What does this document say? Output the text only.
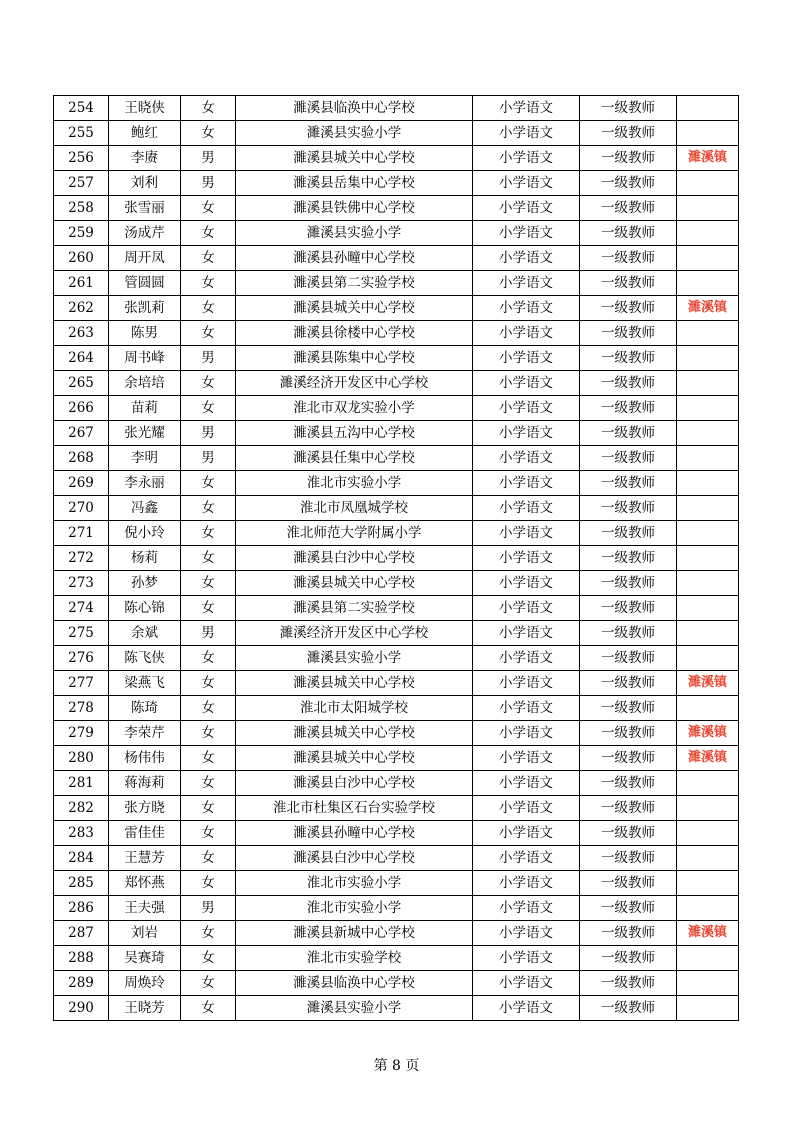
254	王晓侠	女	濉溪县临涣中心学校	小学语文	一级教师	
255	鲍红	女	濉溪县实验小学	小学语文	一级教师	
256	李赓	男	濉溪县城关中心学校	小学语文	一级教师	濉溪镇
257	刘利	男	濉溪县岳集中心学校	小学语文	一级教师	
258	张雪丽	女	濉溪县铁佛中心学校	小学语文	一级教师	
259	汤成芹	女	濉溪县实验小学	小学语文	一级教师	
260	周开凤	女	濉溪县孙疃中心学校	小学语文	一级教师	
261	管圆圆	女	濉溪县第二实验学校	小学语文	一级教师	
262	张凯莉	女	濉溪县城关中心学校	小学语文	一级教师	濉溪镇
263	陈男	女	濉溪县徐楼中心学校	小学语文	一级教师	
264	周书峰	男	濉溪县陈集中心学校	小学语文	一级教师	
265	余培培	女	濉溪经济开发区中心学校	小学语文	一级教师	
266	苗莉	女	淮北市双龙实验小学	小学语文	一级教师	
267	张光耀	男	濉溪县五沟中心学校	小学语文	一级教师	
268	李明	男	濉溪县任集中心学校	小学语文	一级教师	
269	李永丽	女	淮北市实验小学	小学语文	一级教师	
270	冯鑫	女	淮北市凤凰城学校	小学语文	一级教师	
271	倪小玲	女	淮北师范大学附属小学	小学语文	一级教师	
272	杨莉	女	濉溪县白沙中心学校	小学语文	一级教师	
273	孙梦	女	濉溪县城关中心学校	小学语文	一级教师	
274	陈心锦	女	濉溪县第二实验学校	小学语文	一级教师	
275	余斌	男	濉溪经济开发区中心学校	小学语文	一级教师	
276	陈飞侠	女	濉溪县实验小学	小学语文	一级教师	
277	梁燕飞	女	濉溪县城关中心学校	小学语文	一级教师	濉溪镇
278	陈琦	女	淮北市太阳城学校	小学语文	一级教师	
279	李荣芹	女	濉溪县城关中心学校	小学语文	一级教师	濉溪镇
280	杨伟伟	女	濉溪县城关中心学校	小学语文	一级教师	濉溪镇
281	蒋海莉	女	濉溪县白沙中心学校	小学语文	一级教师	
282	张方晓	女	淮北市杜集区石台实验学校	小学语文	一级教师	
283	雷佳佳	女	濉溪县孙疃中心学校	小学语文	一级教师	
284	王慧芳	女	濉溪县白沙中心学校	小学语文	一级教师	
285	郑怀燕	女	淮北市实验小学	小学语文	一级教师	
286	王夫强	男	淮北市实验小学	小学语文	一级教师	
287	刘岩	女	濉溪县新城中心学校	小学语文	一级教师	濉溪镇
288	吴赛琦	女	淮北市实验学校	小学语文	一级教师	
289	周焕玲	女	濉溪县临涣中心学校	小学语文	一级教师	
290	王晓芳	女	濉溪县实验小学	小学语文	一级教师	
第 8 页
